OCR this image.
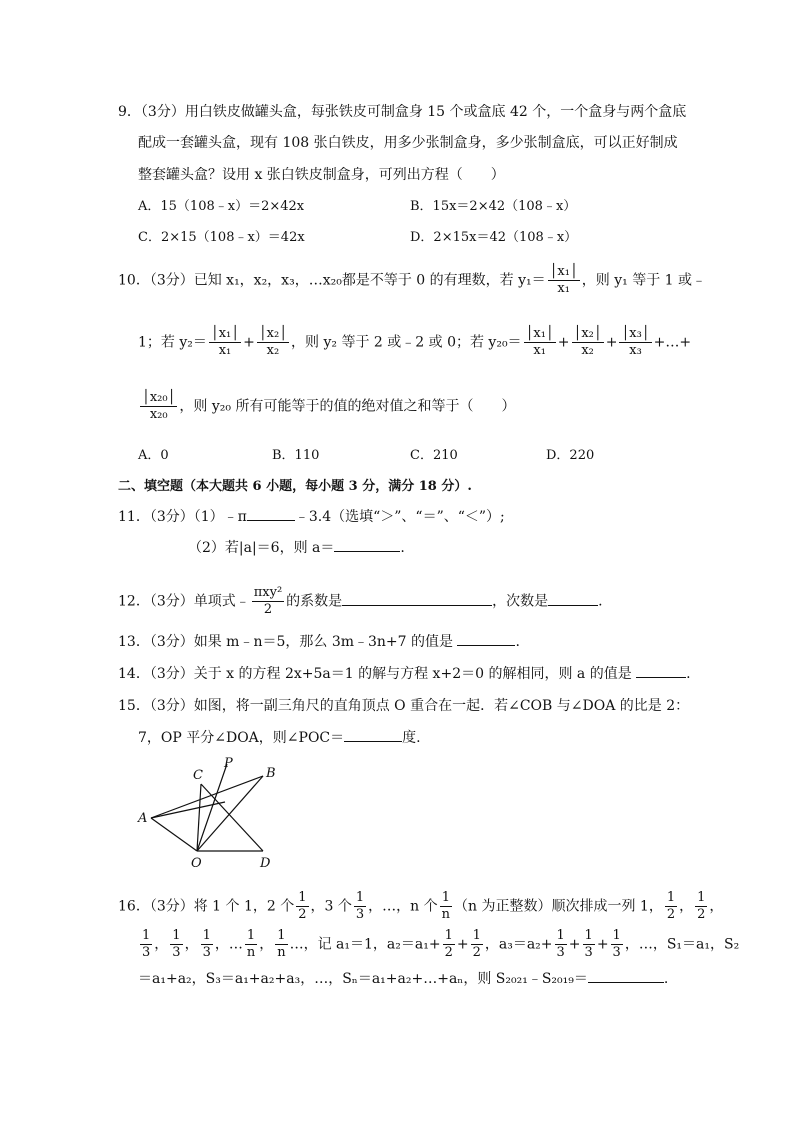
9．（3分）用白铁皮做罐头盒，每张铁皮可制盒身 15 个或盒底 42 个，一个盒身与两个盒底
配成一套罐头盒，现有 108 张白铁皮，用多少张制盒身，多少张制盒底，可以正好制成
整套罐头盒？设用 x 张白铁皮制盒身，可列出方程（　　）
A．15（108﹣x）＝2×42x	B．15x＝2×42（108﹣x）
C．2×15（108﹣x）＝42x	D．2×15x＝42（108﹣x）
10．（3分）已知 x₁，x₂，x₃，…x₂₀都是不等于 0 的有理数，若 $y_1= \frac{\text{│x₁│}}{\text{x₁}}$ ，则 y₁ 等于 1 或﹣
1；若 $y_2= \frac{\text{│x₁│}}{\text{x₁}} + \frac{\text{│x₂│}}{\text{x₂}}$ ，则 y₂ 等于 2 或﹣2 或 0；若 $y_{20}= \frac{\text{│x₁│}}{\text{x₁}} + \frac{\text{│x₂│}}{\text{x₂}} + \frac{\text{│x₃│}}{\text{x₃}}$ +…+
$\frac{\text{│x₂₀│}}{\text{x₂₀}}$ ，则 y₂₀ 所有可能等于的值的绝对值之和等于（　　）
A．0	B．110	C．210	D．220
二、填空题（本大题共 6 小题，每小题 3 分，满分 18 分）.
11．（3分）（1）﹣π	﹣3.4（选填“＞”、“＝”、“＜”）;
（2）若|a|＝6，则 a＝	.
12．（3分）单项式﹣ $\frac{\text{πxy²}}{2}$ 的系数是	，次数是	.
13．（3分）如果 m﹣n＝5，那么 3m﹣3n+7 的值是	.
14．（3分）关于 x 的方程 2x+5a＝1 的解与方程 x+2＝0 的解相同，则 a 的值是	.
15．（3分）如图，将一副三角尺的直角顶点 O 重合在一起．若∠COB 与∠DOA 的比是 2：
7，OP 平分∠DOA，则∠POC＝	度.
A
B
C
D
O
P
16．（3分）将 1 个 1，2 个 $\frac{1}{2}$ ，3 个 $\frac{1}{3}$ ，…，n 个 $\frac{1}{n} (n$ 为正整数）顺次排成一列 1， $\frac{1}{2}$ ， $\frac{1}{2}$ ，
$\frac{1}{3}$ ， $\frac{1}{3}$ ， $\frac{1}{3}$ ，… $\frac{1}{n}$ ， $\frac{1}{n}$ …，记 a₁＝1，$a_2=a_1+ \frac{1}{2} + \frac{1}{2}$ ，$a_3=a_2+ \frac{1}{3} + \frac{1}{3} + \frac{1}{3}$ ，…，S₁＝a₁，S₂
＝a₁+a₂，S₃＝a₁+a₂+a₃，…，Sₙ＝a₁+a₂+…+aₙ，则 S₂₀₂₁﹣S₂₀₁₉＝	.
